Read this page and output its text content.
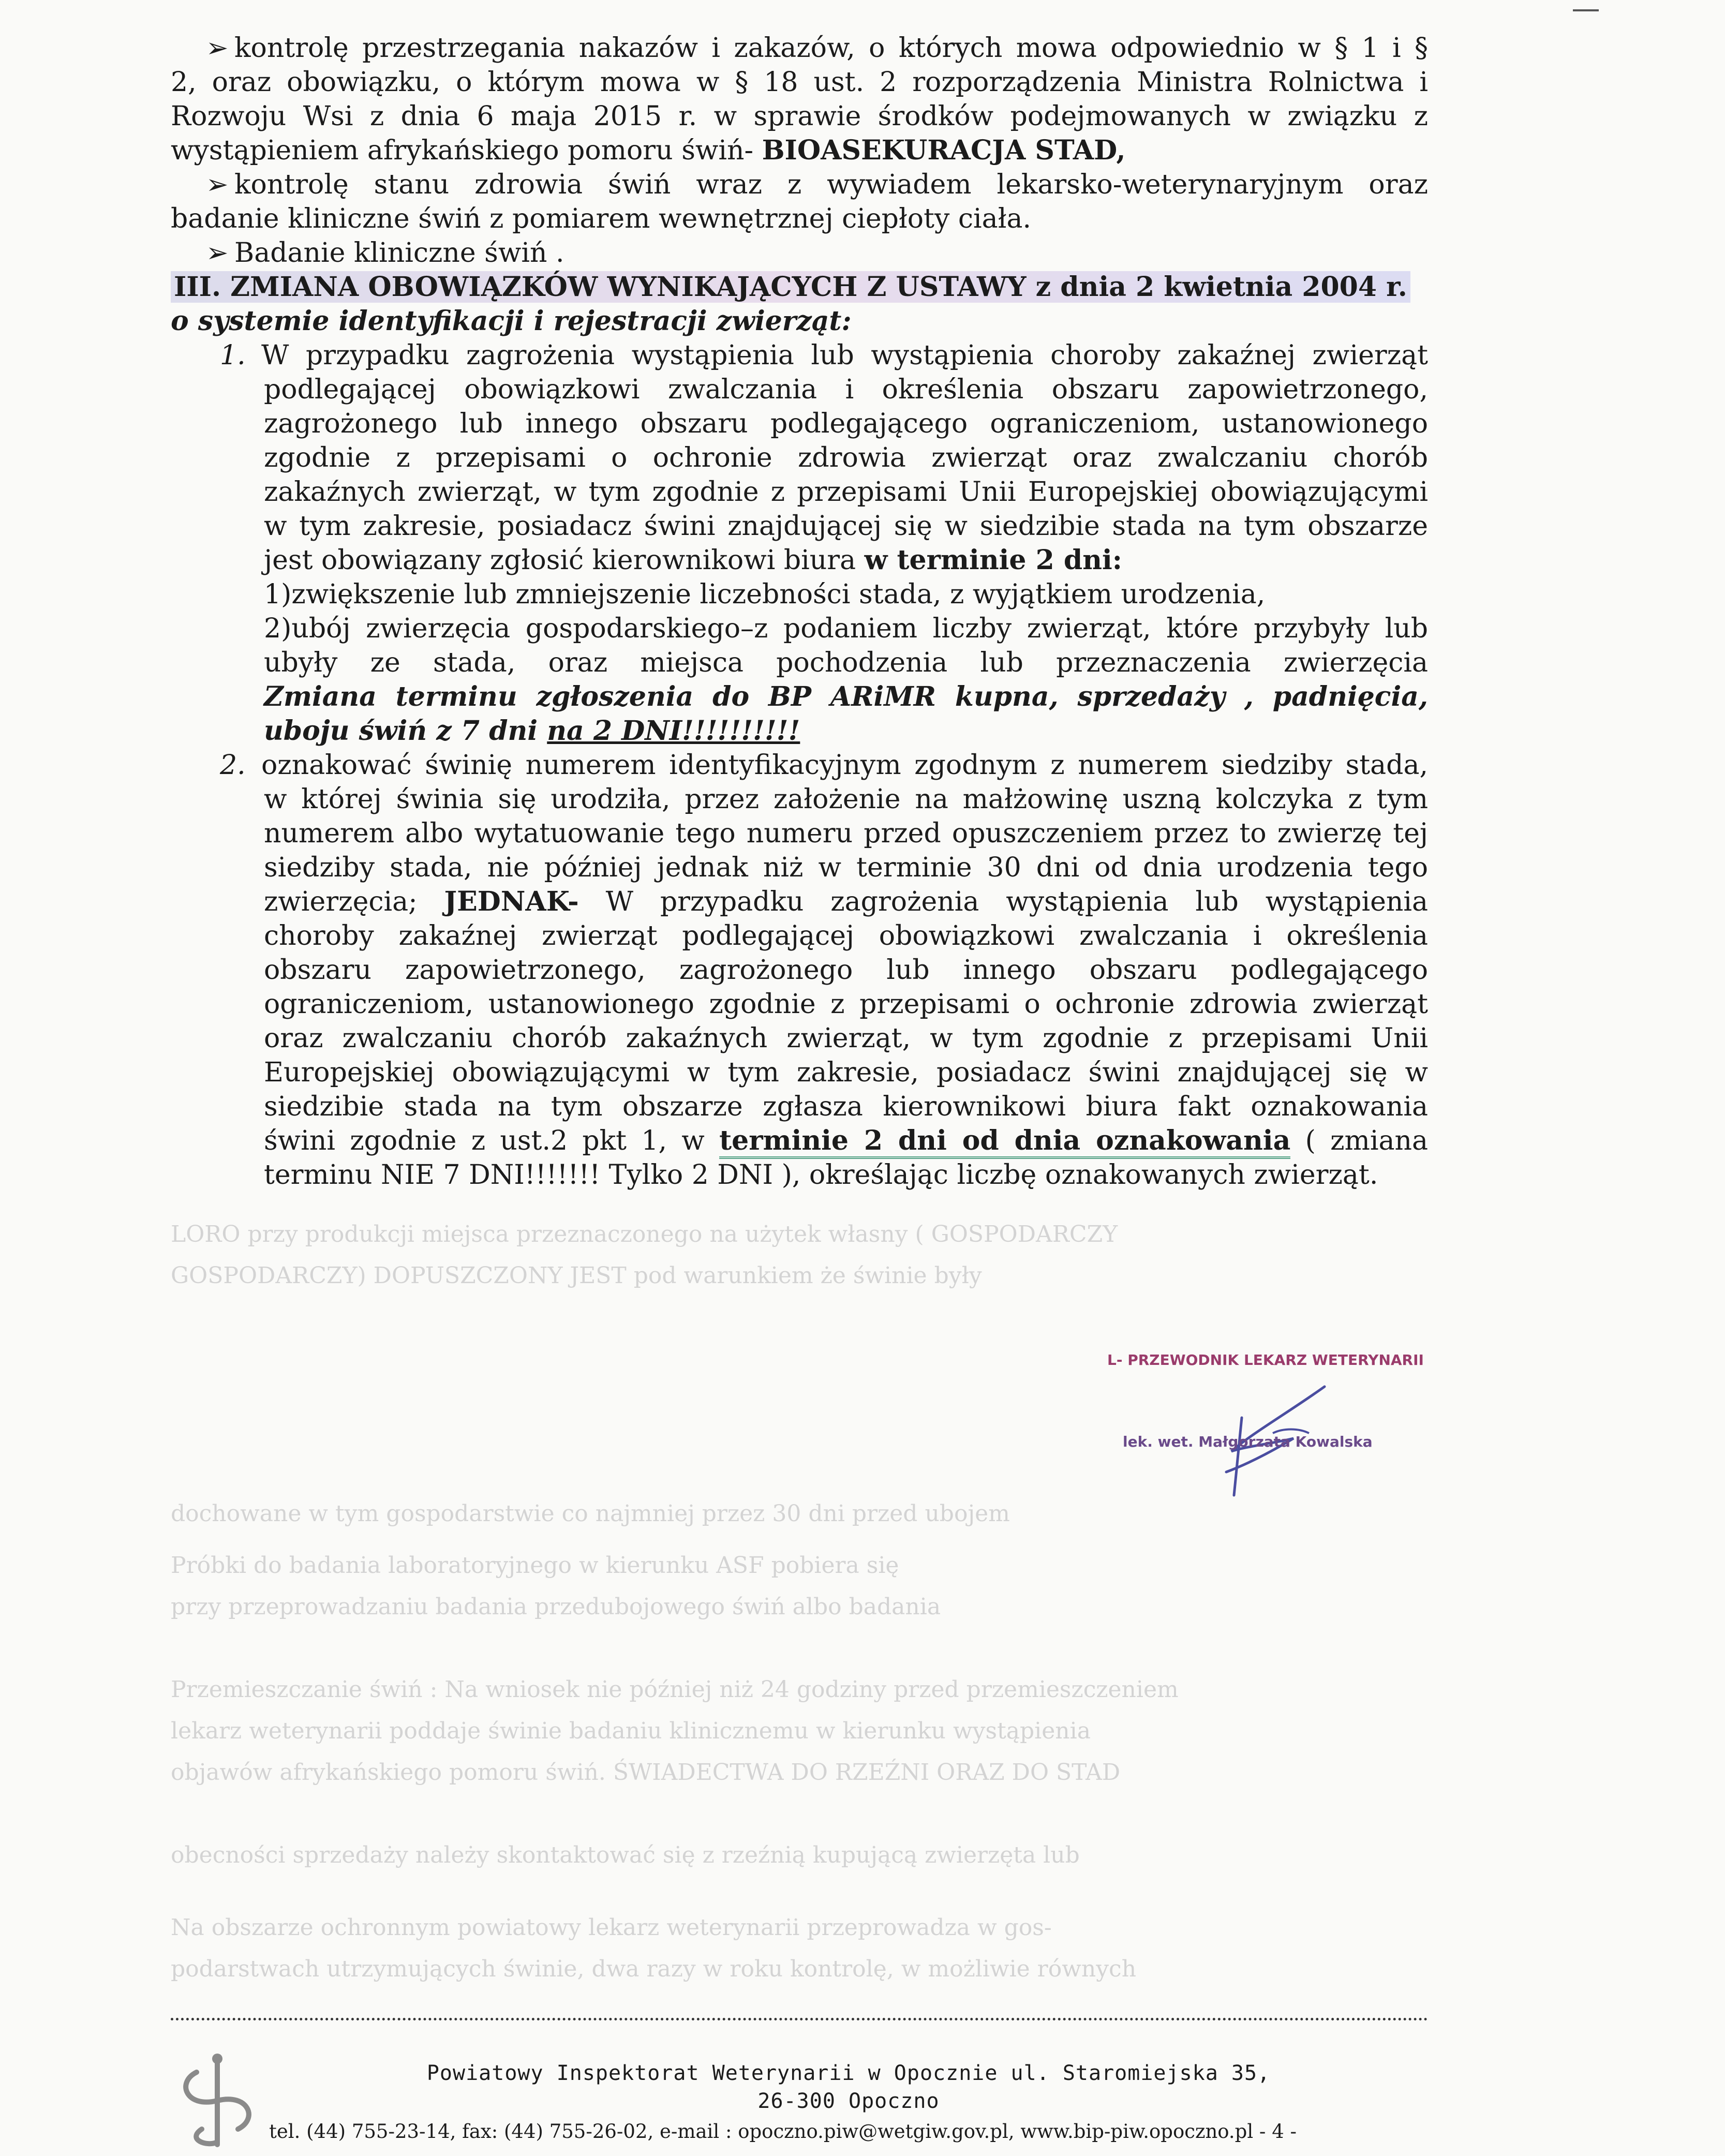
LORO przy produkcji miejsca przeznaczonego na użytek własny ( GOSPODARCZY
GOSPODARCZY) DOPUSZCZONY JEST pod warunkiem że świnie były
dochowane w tym gospodarstwie co najmniej przez 30 dni przed ubojem
Próbki do badania laboratoryjnego w kierunku ASF pobiera się
przy przeprowadzaniu badania przedubojowego świń albo badania
Przemieszczanie świń : Na wniosek nie później niż 24 godziny przed przemieszczeniem
lekarz weterynarii poddaje świnie badaniu klinicznemu w kierunku wystąpienia
objawów afrykańskiego pomoru świń. ŚWIADECTWA DO RZEŹNI ORAZ DO STAD
obecności sprzedaży należy skontaktować się z rzeźnią kupującą zwierzęta lub
Na obszarze ochronnym powiatowy lekarz weterynarii przeprowadza w gos-
podarstwach utrzymujących świnie, dwa razy w roku kontrolę, w możliwie równych
➢ kontrolę przestrzegania nakazów i zakazów, o których mowa odpowiednio w § 1 i §
2, oraz obowiązku, o którym mowa w § 18 ust. 2 rozporządzenia Ministra Rolnictwa i
Rozwoju Wsi z dnia 6 maja 2015 r. w sprawie środków podejmowanych w związku z
wystąpieniem afrykańskiego pomoru świń- BIOASEKURACJA STAD,
➢ kontrolę stanu zdrowia świń wraz z wywiadem lekarsko-weterynaryjnym oraz
badanie kliniczne świń z pomiarem wewnętrznej ciepłoty ciała.
➢ Badanie kliniczne świń .
III. ZMIANA OBOWIĄZKÓW WYNIKAJĄCYCH Z USTAWY z dnia 2 kwietnia 2004 r.
o systemie identyfikacji i rejestracji zwierząt:
1. W przypadku zagrożenia wystąpienia lub wystąpienia choroby zakaźnej zwierząt
podlegającej obowiązkowi zwalczania i określenia obszaru zapowietrzonego,
zagrożonego lub innego obszaru podlegającego ograniczeniom, ustanowionego
zgodnie z przepisami o ochronie zdrowia zwierząt oraz zwalczaniu chorób
zakaźnych zwierząt, w tym zgodnie z przepisami Unii Europejskiej obowiązującymi
w tym zakresie, posiadacz świni znajdującej się w siedzibie stada na tym obszarze
jest obowiązany zgłosić kierownikowi biura w terminie 2 dni:
1)zwiększenie lub zmniejszenie liczebności stada, z wyjątkiem urodzenia,
2)ubój zwierzęcia gospodarskiego–z podaniem liczby zwierząt, które przybyły lub
ubyły ze stada, oraz miejsca pochodzenia lub przeznaczenia zwierzęcia
Zmiana terminu zgłoszenia do BP ARiMR kupna, sprzedaży , padnięcia,
uboju świń z 7 dni na 2 DNI!!!!!!!!!!
2. oznakować świnię numerem identyfikacyjnym zgodnym z numerem siedziby stada,
w której świnia się urodziła, przez założenie na małżowinę uszną kolczyka z tym
numerem albo wytatuowanie tego numeru przed opuszczeniem przez to zwierzę tej
siedziby stada, nie później jednak niż w terminie 30 dni od dnia urodzenia tego
zwierzęcia; JEDNAK- W przypadku zagrożenia wystąpienia lub wystąpienia
choroby zakaźnej zwierząt podlegającej obowiązkowi zwalczania i określenia
obszaru zapowietrzonego, zagrożonego lub innego obszaru podlegającego
ograniczeniom, ustanowionego zgodnie z przepisami o ochronie zdrowia zwierząt
oraz zwalczaniu chorób zakaźnych zwierząt, w tym zgodnie z przepisami Unii
Europejskiej obowiązującymi w tym zakresie, posiadacz świni znajdującej się w
siedzibie stada na tym obszarze zgłasza kierownikowi biura fakt oznakowania
świni zgodnie z ust.2 pkt 1, w terminie 2 dni od dnia oznakowania ( zmiana
terminu NIE 7 DNI!!!!!!! Tylko 2 DNI ), określając liczbę oznakowanych zwierząt.
L- PRZEWODNIK LEKARZ WETERYNARII
lek. wet. Małgorzata Kowalska
Powiatowy Inspektorat Weterynarii w Opocznie ul. Staromiejska 35,
26-300 Opoczno
tel. (44) 755-23-14, fax: (44) 755-26-02, e-mail : opoczno.piw@wetgiw.gov.pl, www.bip-piw.opoczno.pl - 4 -
